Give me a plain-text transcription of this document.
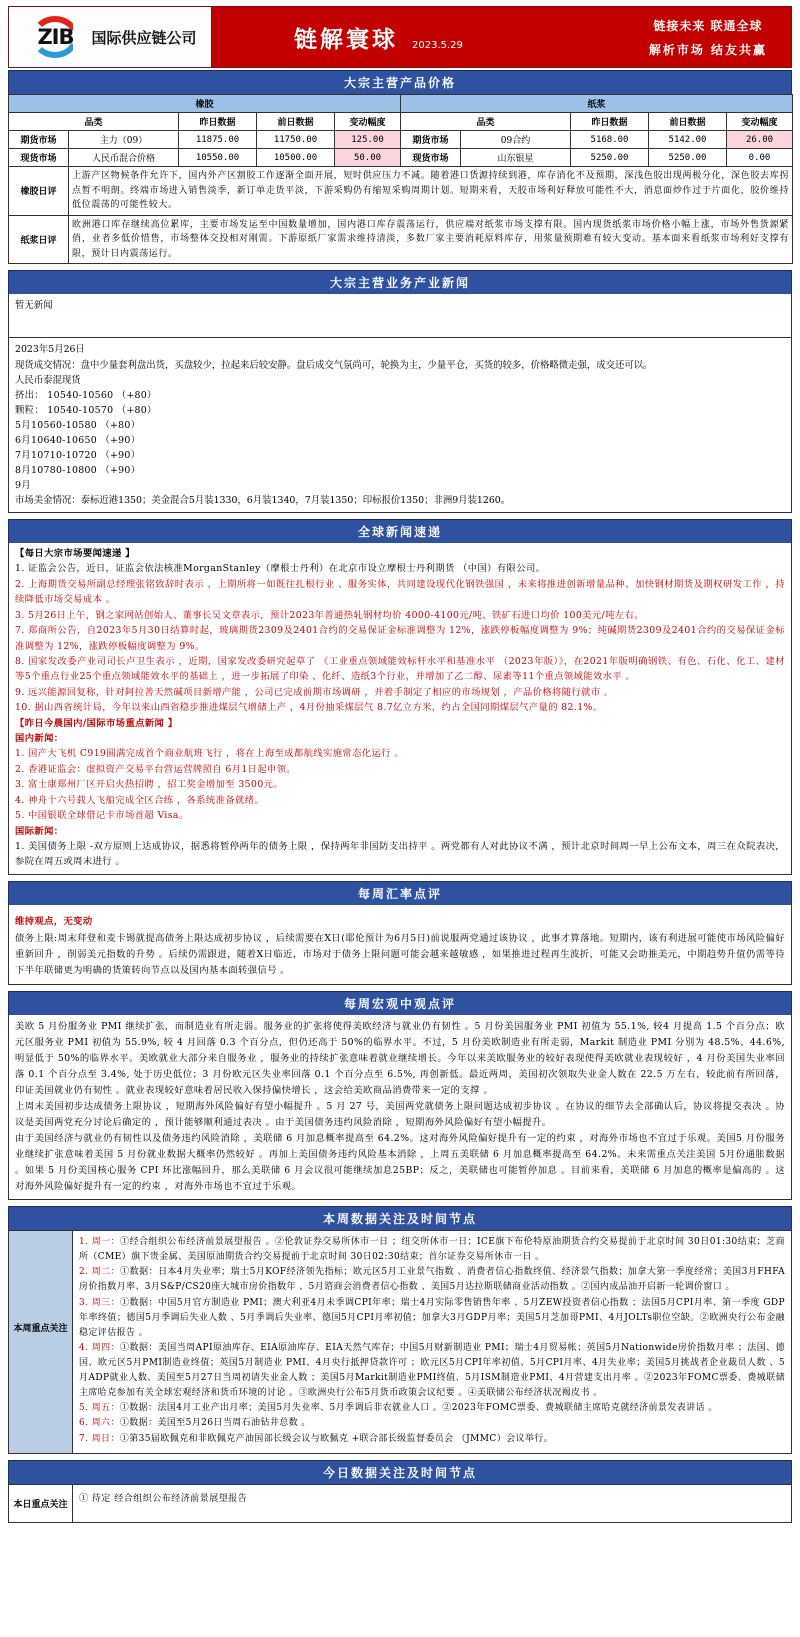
ZIB	国际供应链公司	链解寰球 2023.5.29
链接未来 联通全球
解析市场 结友共赢
大宗主营产品价格
橡胶					纸浆				
品类		昨日数据	前日数据	变动幅度	品类		昨日数据	前日数据	变动幅度
期货市场	主力（09）	11875.00	11750.00	125.00	期货市场	09合约	5168.00	5142.00	26.00
现货市场	人民币混合价格	10550.00	10500.00	50.00	现货市场	山东银星	5250.00	5250.00	0.00
橡胶日评	上游产区物候条件允许下，国内外产区割胶工作逐渐全面开展，短时供应压力不减。随着港口货源持续到港，库存消化不及预期，深浅色胶出现两极分化，深色胶去库拐点暂不明朗。终端市场进入销售淡季，新订单走货平淡，下游采购仍有缩短采购周期计划。短期来看，天胶市场利好释放可能性不大，消息面炒作过于片面化，胶价维持低位震荡的可能性较大。								
纸浆日评	欧洲港口库存继续高位累库，主要市场发运至中国数量增加，国内港口库存震荡运行，供应端对纸浆市场支撑有限。国内现货纸浆市场价格小幅上涨，市场外售货源紧俏，业者多低价惜售，市场整体交投相对刚需。下游原纸厂家需求维持清淡，多数厂家主要消耗原料库存，用浆量预期难有较大变动。基本面来看纸浆市场利好支撑有限，预计日内震荡运行。								
大宗主营业务产业新闻

暂无新闻

2023年5月26日

现货成交情况：盘中少量套利盘出货，买盘较少，拉起来后较安静。盘后成交气氛尚可，轮换为主，少量平仓，买货的较多，价格略微走强，成交还可以。

人民币泰混现货

挤出： 10540-10560 （+80）

颗粒： 10540-10570 （+80）

5月10560-10580 （+80）

6月10640-10650 （+90）

7月10710-10720 （+90）

8月10780-10800 （+90）

9月

市场美金情况：泰标近港1350；美金混合5月装1330，6月装1340，7月装1350；印标报价1350；非洲9月装1260。

全球新闻速递

【每日大宗市场要闻速递 】

1. 证监会公告，近日，证监会依法核准MorganStanley（摩根士丹利）在北京市设立摩根士丹利期货 （中国）有限公司。

2. 上海期货交易所副总经理张铭致辞时表示 ，上期所将一如既往扎根行业 、服务实体，共同建设现代化钢铁强国 ，未来将推进创新增量品种、加快钢材期货及期权研发工作 ，持续降低市场交易成本 。

3. 5月26日上午，钢之家网站创始人、董事长吴文章表示，预计2023年普通热轧钢材均价 4000-4100元/吨、铁矿石进口均价 100美元/吨左右。

7. 郑商所公告，自2023年5月30日结算时起，玻璃期货2309及2401合约的交易保证金标准调整为 12%，涨跌停板幅度调整为 9%；纯碱期货2309及2401合约的交易保证金标准调整为 12%，涨跌停板幅度调整为 9%。

8. 国家发改委产业司司长卢卫生表示 ，近期，国家发改委研究起草了 《工业重点领域能效标杆水平和基准水平 （2023年版）》，在2021年版明确钢铁、有色、石化、化工、建材等5个重点行业25个重点领域能效水平的基础上 ，进一步拓展了印染 、化纤、造纸3个行业，并增加了乙二醇、尿素等11个重点领域能效水平 。

9. 远兴能源回复称，针对阿拉善天然碱项目新增产能 ，公司已完成前期市场调研 ，并着手制定了相应的市场规划 ，产品价格将随行就市 。

10. 据山西省统计局，今年以来山西省稳步推进煤层气增储上产 ，4月份抽采煤层气 8.7亿立方米，约占全国同期煤层气产量的 82.1%。

【昨日今晨国内/国际市场重点新闻 】

国内新闻：

1. 国产大飞机 C919圆满完成首个商业航班飞行 ，将在上海至成都航线实施常态化运行 。

2. 香港证监会：虚拟资产交易平台营运营牌照自 6月1日起申领。

3. 富士康郑州厂区开启火热招聘 ，招工奖金增加至 3500元。

4. 神舟十六号载人飞船完成全区合练 ，各系统准备就绪。

5. 中国银联全球借记卡市场首超 Visa。

国际新闻：

1. 美国债务上限 -双方原则上达成协议，据悉将暂停两年的债务上限 ，保持两年非国防支出持平 。两党都有人对此协议不满 ，预计北京时间周一早上公布文本，周三在众院表决，参院在周五或周末进行 。

每周汇率点评

维持观点，无变动

债务上限:周末拜登和麦卡锡就提高债务上限达成初步协议 ，后续需要在X日(耶伦预计为6月5日)前说服两党通过该协议 ，此事才算落地。短期内，该有利进展可能使市场风险偏好重新回升 ，削弱美元指数的升势 。后续仍需跟进，随着X日临近，市场对于债务上限问题可能会越来越敏感 ，如果推进过程再生波折，可能又会助推美元，中期趋势升值仍需等待下半年联储更为明确的货策转向节点以及国内基本面转强信号 。

每周宏观中观点评

美欧 5 月份服务业 PMI 继续扩张，而制造业有所走弱。服务业的扩张将使得美欧经济与就业仍有韧性 。5 月份美国服务业 PMI 初值为 55.1%, 较4 月提高 1.5 个百分点；欧元区服务业 PMI 初值为 55.9%, 较 4 月回落 0.3 个百分点，但仍还高于 50%的临界水平。不过，5 月份美欧制造业有所走弱，Markit 制造业 PMI 分别为 48.5%、44.6%, 明显低于 50%的临界水平。美欧就业大部分来自服务业 ，服务业的持续扩张意味着就业继续增长。今年以来美欧服务业的较好表现使得美欧就业表现较好 ，4 月份美国失业率回落 0.1 个百分点至 3.4%, 处于历史低位；3 月份欧元区失业率回落 0.1 个百分点至 6.5%, 再创新低。最近两周，美国初次领取失业金人数在 22.5 万左右，较此前有所回落，印证美国就业仍有韧性 。就业表现较好意味着居民收入保持偏快增长 ，这会给美欧商品消费带来一定的支撑 。

上周末美国初步达成债务上限协议 ，短期海外风险偏好有望小幅提升 。5 月 27 号，美国两党就债务上限问题达成初步协议 。在协议的细节去全部确认后，协议将提交表决 。协议是美国两党充分讨论后确定的 ，预计能够顺利通过表决 。由于美国债务违约风险消除 ，短期海外风险偏好有望小幅提升。

由于美国经济与就业仍有韧性以及债务违约风险消除 ，美联储 6 月加息概率提高至 64.2%。这对海外风险偏好提升有一定的约束 ，对海外市场也不宜过于乐观。美国5 月份服务业继续扩张意味着美国 5 月份就业数据大概率仍然较好 。再加上美国债务违约风险基本消除 ，上周五美联储 6 月加息概率提高至 64.2%。未来需重点关注美国 5月份通胀数据 。如果 5 月份美国核心服务 CPI 环比涨幅回升，那么美联储 6 月会议很可能继续加息25BP；反之，美联储也可能暂停加息 。目前来看，美联储 6 月加息的概率是偏高的 。这对海外风险偏好提升有一定的约束 ，对海外市场也不宜过于乐观。

本周数据关注及时间节点
本周重点关注	

1. 周一：①经合组织公布经济前景展望报告 。②伦敦证券交易所休市一日 ；纽交所休市一日；ICE旗下布伦特原油期货合约交易提前于北京时间 30日01:30结束；芝商所（CME）旗下贵金属、美国原油期货合约交易提前于北京时间 30日02:30结束；首尔证券交易所休市一日 。

2. 周二：①数据：日本4月失业率；瑞士5月KOF经济领先指标；欧元区5月工业景气指数 、消费者信心指数终值、经济景气指数；加拿大第一季度经常；美国3月FHFA房价指数月率、3月S&P/CS20座大城市房价指数年 、5月谘商会消费者信心指数 、美国5月达拉斯联储商业活动指数 。②国内成品油开启新一轮调价窗口 。

3. 周三：①数据：中国5月官方制造业 PMI；澳大利亚4月未季调CPI年率；瑞士4月实际零售销售年率 、5月ZEW投资者信心指数 ；法国5月CPI月率、第一季度 GDP年率终值；德国5月季调后失业人数 、5月季调后失业率、德国5月CPI月率初值；加拿大3月GDP月率；美国5月芝加哥PMI、4月JOLTs职位空缺。②欧洲央行公布金融稳定评估报告 。

4. 周四：①数据：美国当周API原油库存、EIA原油库存、EIA天然气库存；中国5月财新制造业 PMI；瑞士4月贸易帐；英国5月Nationwide房价指数月率 ；法国、德国、欧元区5月PMI制造业终值；英国5月制造业 PMI、4月央行抵押贷款许可 ；欧元区5月CPI年率初值、5月CPI月率、4月失业率；美国5月挑战者企业裁员人数 、5月ADP就业人数、美国至5月27日当周初请失业金人数 ；美国5月Markit制造业PMI终值、5月ISM制造业PMI、4月营建支出月率 。②2023年FOMC票委、费城联储主席哈克参加有关全球宏观经济和货币环境的讨论 。③欧洲央行公布5月货币政策会议纪要 。④美联储公布经济状况褐皮书 。

5. 周五：①数据：法国4月工业产出月率；美国5月失业率、5月季调后非农就业人口 。②2023年FOMC票委、费城联储主席哈克就经济前景发表讲话 。

6. 周六：①数据：美国至5月26日当周石油钻井总数 。

7. 周日：①第35届欧佩克和非欧佩克产油国部长级会议与欧佩克 +联合部长级监督委员会 （JMMC）会议举行。

今日数据关注及时间节点
本日重点关注	① 待定 经合组织公布经济前景展望报告
